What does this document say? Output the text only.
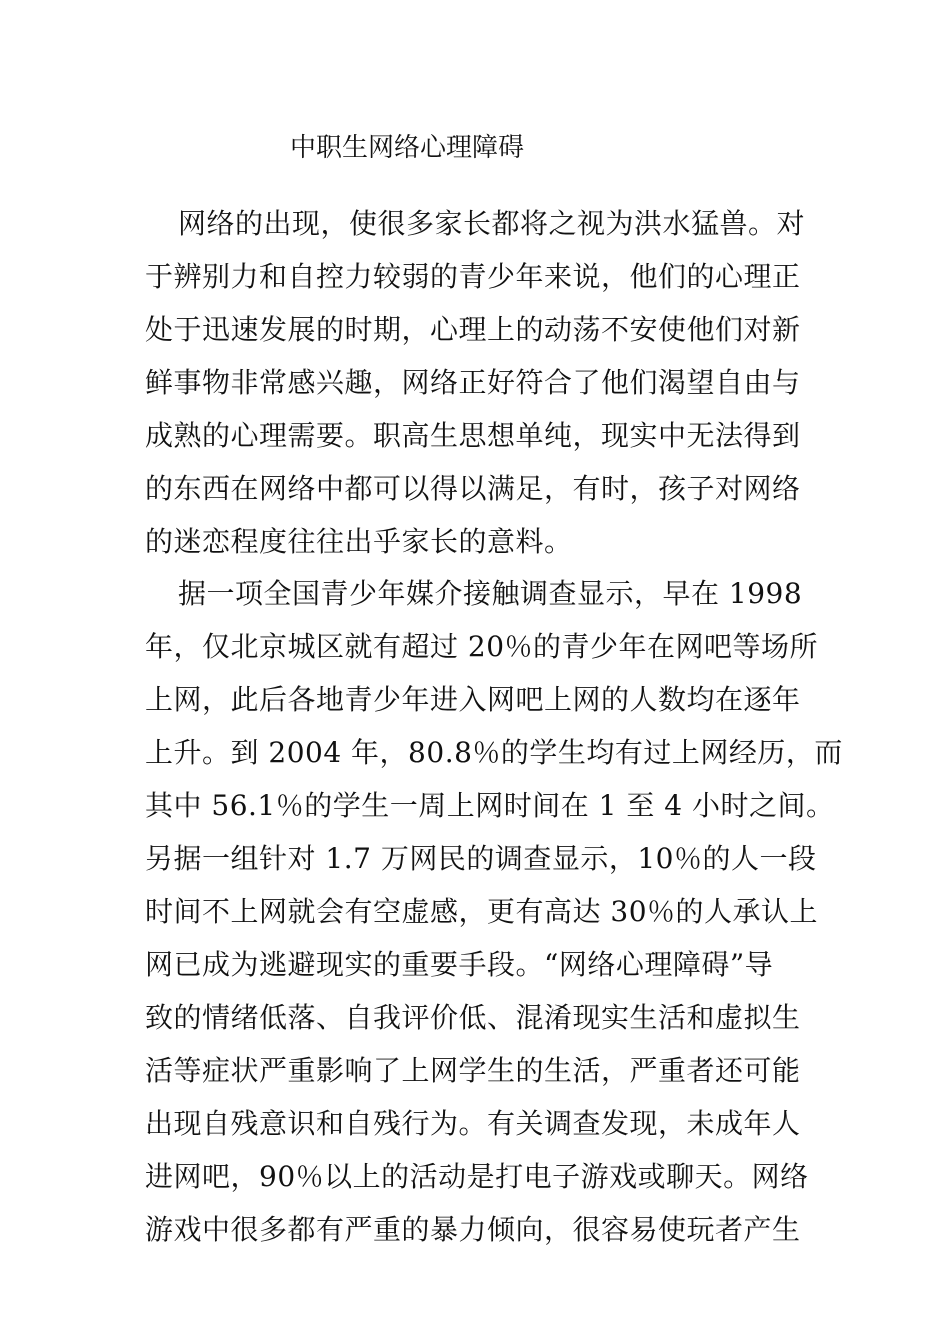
中职生网络心理障碍
网络的出现，使很多家长都将之视为洪水猛兽。对
于辨别力和自控力较弱的青少年来说，他们的心理正
处于迅速发展的时期，心理上的动荡不安使他们对新
鲜事物非常感兴趣，网络正好符合了他们渴望自由与
成熟的心理需要。职高生思想单纯，现实中无法得到
的东西在网络中都可以得以满足，有时，孩子对网络
的迷恋程度往往出乎家长的意料。
据一项全国青少年媒介接触调查显示，早在 1998
年，仅北京城区就有超过 20％的青少年在网吧等场所
上网，此后各地青少年进入网吧上网的人数均在逐年
上升。到 2004 年，80.8％的学生均有过上网经历，而
其中 56.1％的学生一周上网时间在 1 至 4 小时之间。
另据一组针对 1.7 万网民的调查显示，10％的人一段
时间不上网就会有空虚感，更有高达 30％的人承认上
网已成为逃避现实的重要手段。“网络心理障碍”导
致的情绪低落、自我评价低、混淆现实生活和虚拟生
活等症状严重影响了上网学生的生活，严重者还可能
出现自残意识和自残行为。有关调查发现，未成年人
进网吧，90％以上的活动是打电子游戏或聊天。网络
游戏中很多都有严重的暴力倾向，很容易使玩者产生
